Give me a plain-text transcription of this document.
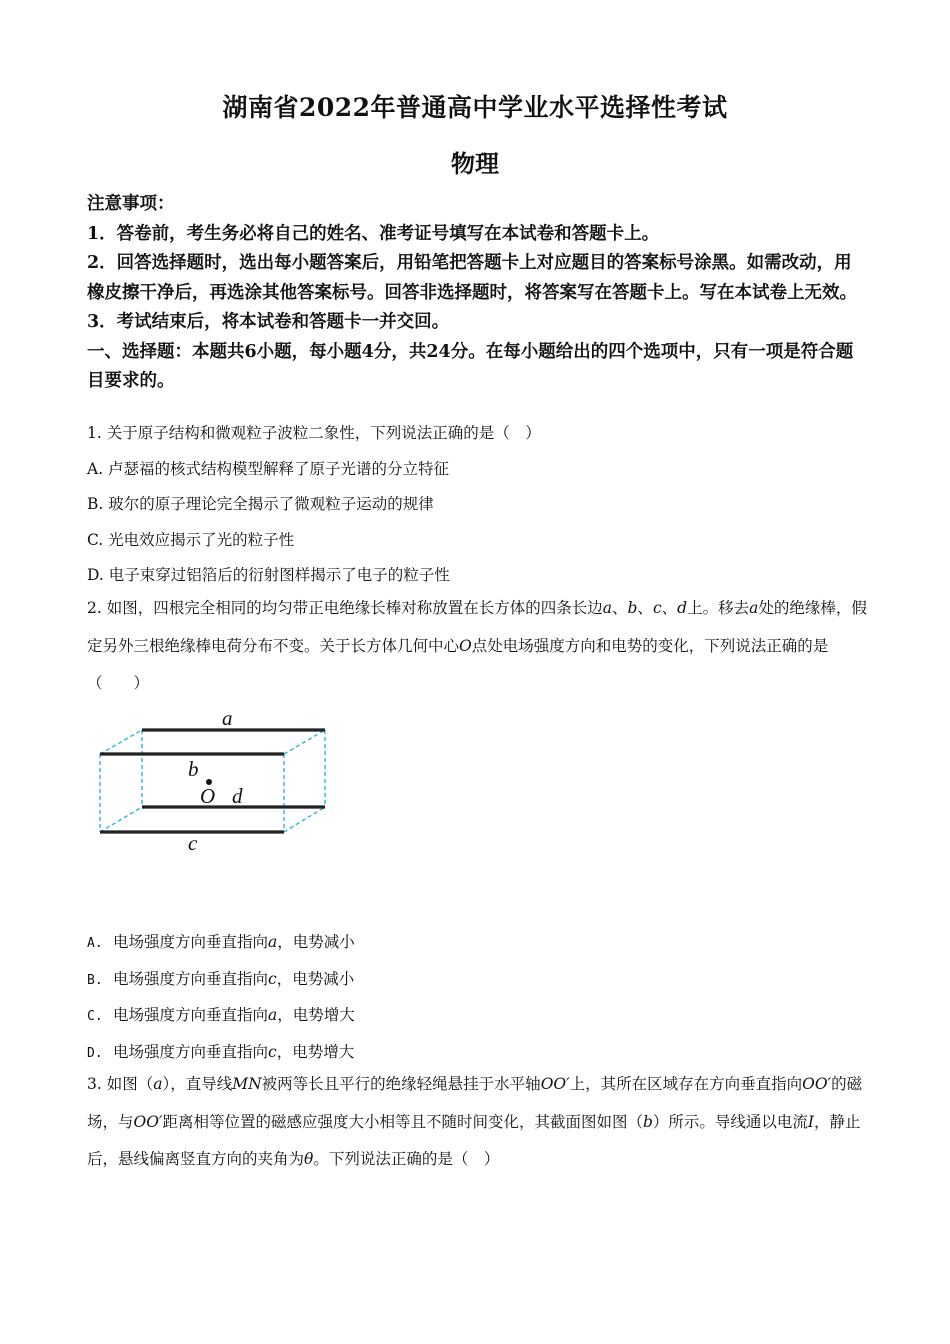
湖南省2022年普通高中学业水平选择性考试
物理

注意事项：

1．答卷前，考生务必将自己的姓名、准考证号填写在本试卷和答题卡上。

2．回答选择题时，选出每小题答案后，用铅笔把答题卡上对应题目的答案标号涂黑。如需改动，用橡皮擦干净后，再选涂其他答案标号。回答非选择题时，将答案写在答题卡上。写在本试卷上无效。

3．考试结束后，将本试卷和答题卡一并交回。

一、选择题：本题共6小题，每小题4分，共24分。在每小题给出的四个选项中，只有一项是符合题目要求的。

1. 关于原子结构和微观粒子波粒二象性，下列说法正确的是（　）

A. 卢瑟福的核式结构模型解释了原子光谱的分立特征

B. 玻尔的原子理论完全揭示了微观粒子运动的规律

C. 光电效应揭示了光的粒子性

D. 电子束穿过铝箔后的衍射图样揭示了电子的粒子性

2. 如图，四根完全相同的均匀带正电绝缘长棒对称放置在长方体的四条长边a、b、c、d上。移去a处的绝缘棒，假定另外三根绝缘棒电荷分布不变。关于长方体几何中心O点处电场强度方向和电势的变化，下列说法正确的是（　　）

a
b
O d
c

A. 电场强度方向垂直指向a，电势减小

B. 电场强度方向垂直指向c，电势减小

C. 电场强度方向垂直指向a，电势增大

D. 电场强度方向垂直指向c，电势增大

3. 如图（a），直导线MN被两等长且平行的绝缘轻绳悬挂于水平轴OO′上，其所在区域存在方向垂直指向OO′的磁场，与OO′距离相等位置的磁感应强度大小相等且不随时间变化，其截面图如图（b）所示。导线通以电流I，静止后，悬线偏离竖直方向的夹角为θ。下列说法正确的是（　）
